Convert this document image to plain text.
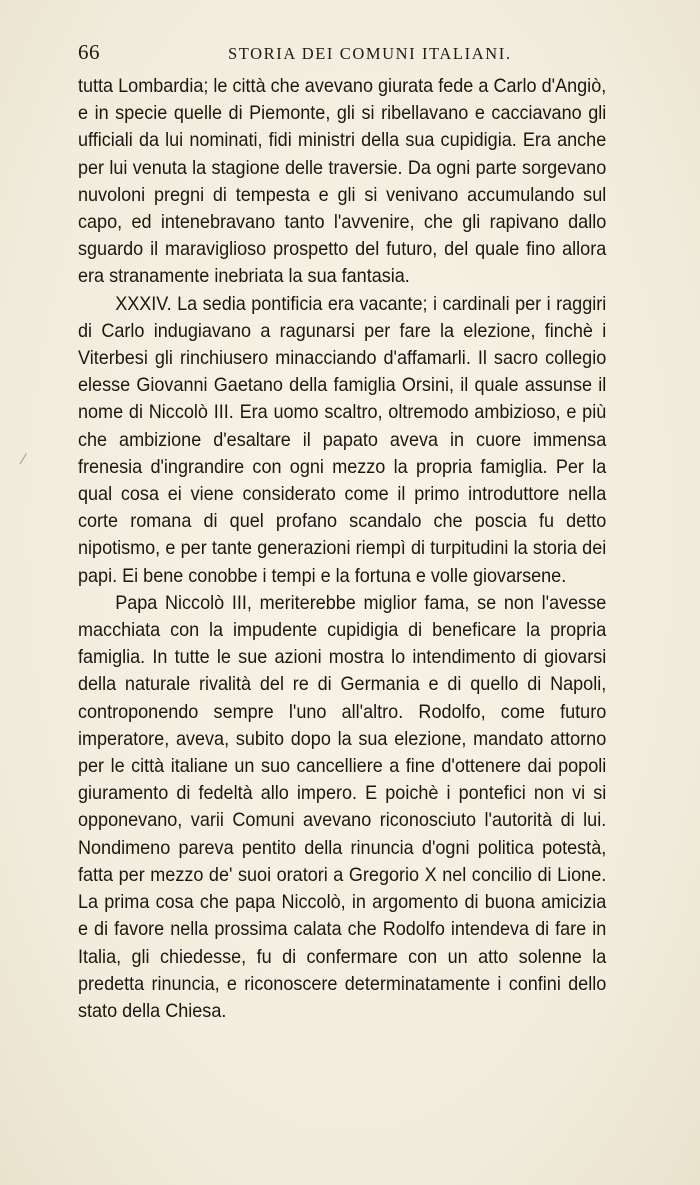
66	STORIA DEI COMUNI ITALIANI.

tutta Lombardia; le città che avevano giurata fede a Carlo d'Angiò, e in specie quelle di Piemonte, gli si ribellavano e cacciavano gli ufficiali da lui nominati, fidi ministri della sua cupidigia. Era anche per lui venuta la stagione delle traversie. Da ogni parte sorgevano nuvoloni pregni di tempesta e gli si venivano accumulando sul capo, ed intenebravano tanto l'avvenire, che gli rapivano dallo sguardo il maraviglioso prospetto del futuro, del quale fino allora era stranamente inebriata la sua fantasia.

XXXIV. La sedia pontificia era vacante; i cardinali per i raggiri di Carlo indugiavano a ragunarsi per fare la elezione, finchè i Viterbesi gli rinchiusero minacciando d'affamarli. Il sacro collegio elesse Giovanni Gaetano della famiglia Orsini, il quale assunse il nome di Niccolò III. Era uomo scaltro, oltremodo ambizioso, e più che ambizione d'esaltare il papato aveva in cuore immensa frenesia d'ingrandire con ogni mezzo la propria famiglia. Per la qual cosa ei viene considerato come il primo introduttore nella corte romana di quel profano scandalo che poscia fu detto nipotismo, e per tante generazioni riempì di turpitudini la storia dei papi. Ei bene conobbe i tempi e la fortuna e volle giovarsene.

Papa Niccolò III, meriterebbe miglior fama, se non l'avesse macchiata con la impudente cupidigia di beneficare la propria famiglia. In tutte le sue azioni mostra lo intendimento di giovarsi della naturale rivalità del re di Germania e di quello di Napoli, controponendo sempre l'uno all'altro. Rodolfo, come futuro imperatore, aveva, subito dopo la sua elezione, mandato attorno per le città italiane un suo cancelliere a fine d'ottenere dai popoli giuramento di fedeltà allo impero. E poichè i pontefici non vi si opponevano, varii Comuni avevano riconosciuto l'autorità di lui. Nondimeno pareva pentito della rinuncia d'ogni politica potestà, fatta per mezzo de' suoi oratori a Gregorio X nel concilio di Lione. La prima cosa che papa Niccolò, in argomento di buona amicizia e di favore nella prossima calata che Rodolfo intendeva di fare in Italia, gli chiedesse, fu di confermare con un atto solenne la predetta rinuncia, e riconoscere determinatamente i confini dello stato della Chiesa.

⁄
